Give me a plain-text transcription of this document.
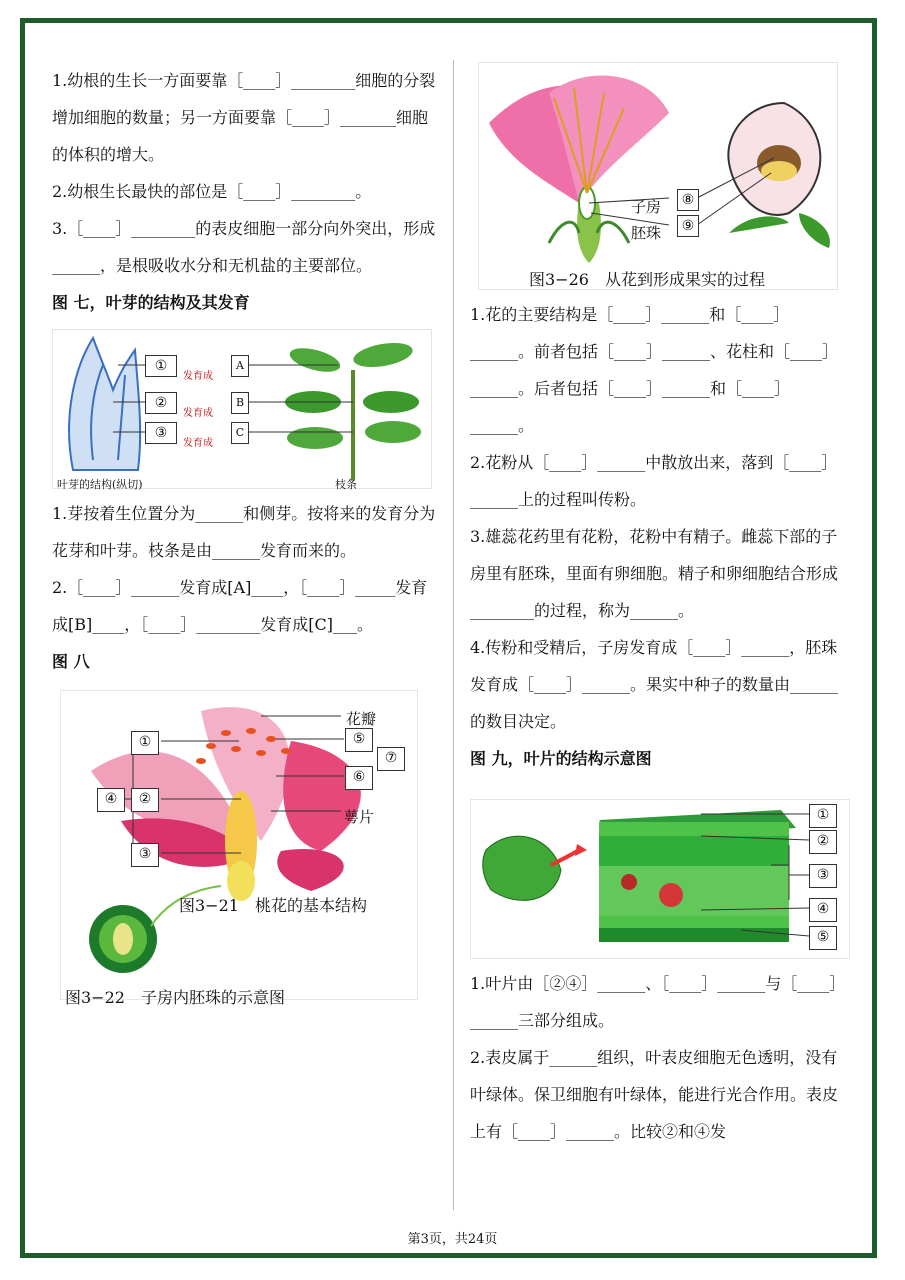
1.幼根的生长一方面要靠［____］________细胞的分裂增加细胞的数量；另一方面要靠［____］_______细胞的体积的增大。

2.幼根生长最快的部位是［____］________。

3.［____］________的表皮细胞一部分向外突出，形成______，是根吸收水分和无机盐的主要部位。

图 七，叶芽的结构及其发育

①
②
③
发育成
发育成
发育成
A
B
C
叶芽的结构(纵切)	枝条

1.芽按着生位置分为______和侧芽。按将来的发育分为花芽和叶芽。枝条是由______发育而来的。

2.［____］______发育成[A]____，［____］_____发育成[B]____，［____］________发育成[C]___。

图 八

①
②
③
④
⑤
⑥
⑦
花瓣
萼片
图3−21　桃花的基本结构
图3−22　子房内胚珠的示意图
子房
胚珠
⑧
⑨
图3−26　从花到形成果实的过程

1.花的主要结构是［____］______和［____］______。前者包括［____］______、花柱和［____］______。后者包括［____］______和［____］______。

2.花粉从［____］______中散放出来，落到［____］______上的过程叫传粉。

3.雄蕊花药里有花粉，花粉中有精子。雌蕊下部的子房里有胚珠，里面有卵细胞。精子和卵细胞结合形成________的过程，称为______。

4.传粉和受精后，子房发育成［____］______，胚珠发育成［____］______。果实中种子的数量由______的数目决定。

图 九，叶片的结构示意图

①
②
③
④
⑤

1.叶片由［②④］______、［____］______与［____］______三部分组成。

2.表皮属于______组织，叶表皮细胞无色透明，没有叶绿体。保卫细胞有叶绿体，能进行光合作用。表皮上有［____］______。比较②和④发

第3页，共24页
